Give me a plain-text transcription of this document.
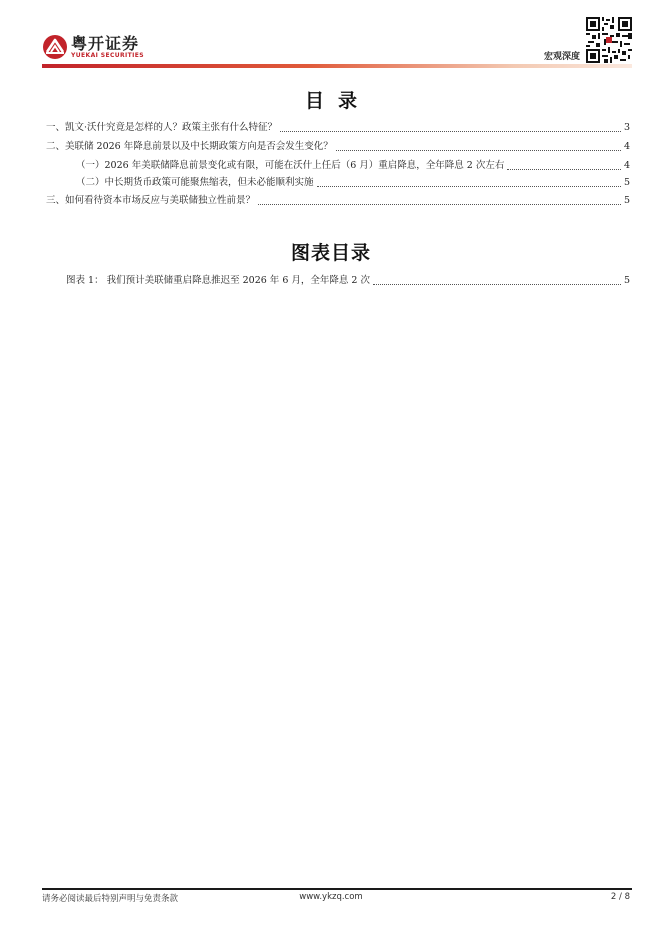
粤开证券
YUEKAI SECURITIES	宏观深度
目录
一、凯文·沃什究竟是怎样的人？政策主张有什么特征？	3
二、美联储 2026 年降息前景以及中长期政策方向是否会发生变化？	4
（一）2026 年美联储降息前景变化或有限，可能在沃什上任后（6 月）重启降息，全年降息 2 次左右	4
（二）中长期货币政策可能聚焦缩表，但未必能顺利实施	5
三、如何看待资本市场反应与美联储独立性前景？	5
图表目录
图表 1： 我们预计美联储重启降息推迟至 2026 年 6 月，全年降息 2 次	5
请务必阅读最后特别声明与免责条款	www.ykzq.com	2 / 8
